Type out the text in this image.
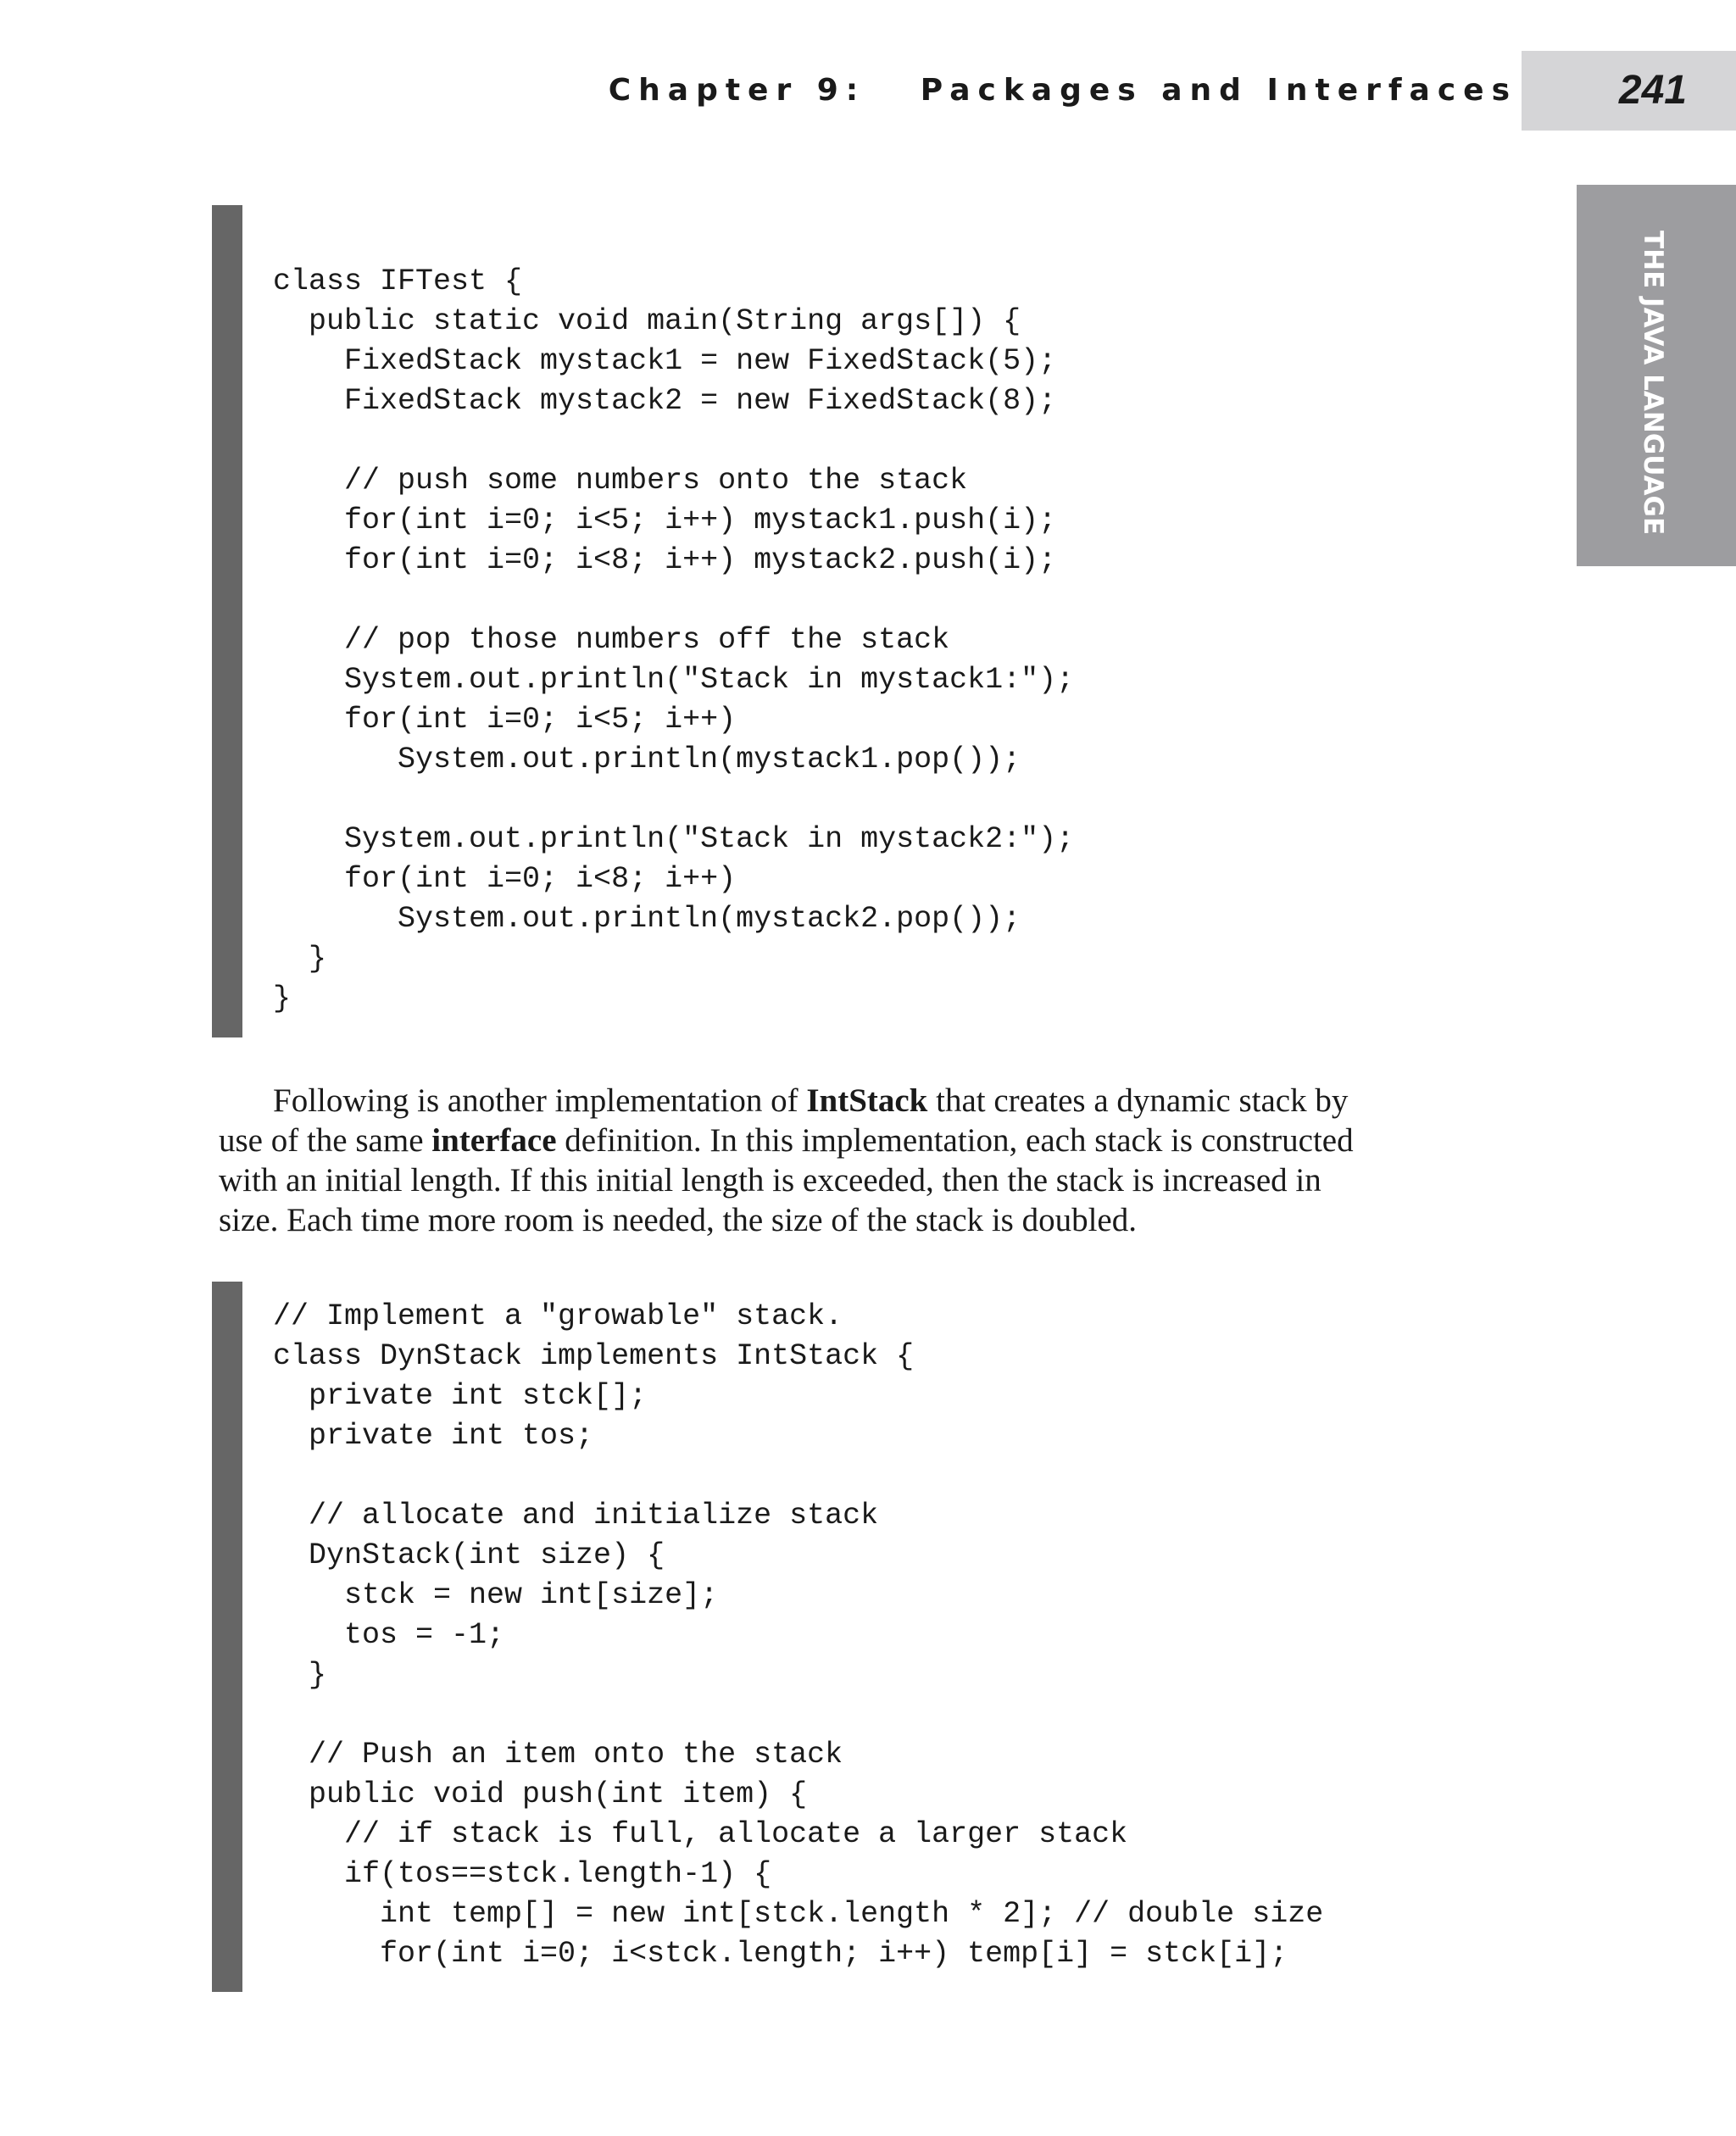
Chapter 9:   Packages and Interfaces	241
THE JAVA LANGUAGE
class IFTest {
public static void main(String args[]) {
FixedStack mystack1 = new FixedStack(5);
FixedStack mystack2 = new FixedStack(8);
// push some numbers onto the stack
for(int i=0; i<5; i++) mystack1.push(i);
for(int i=0; i<8; i++) mystack2.push(i);
// pop those numbers off the stack
System.out.println("Stack in mystack1:");
for(int i=0; i<5; i++)
System.out.println(mystack1.pop());
System.out.println("Stack in mystack2:");
for(int i=0; i<8; i++)
System.out.println(mystack2.pop());
}
}
Following is another implementation of IntStack that creates a dynamic stack by
use of the same interface definition. In this implementation, each stack is constructed
with an initial length. If this initial length is exceeded, then the stack is increased in
size. Each time more room is needed, the size of the stack is doubled.
// Implement a "growable" stack.
class DynStack implements IntStack {
private int stck[];
private int tos;
// allocate and initialize stack
DynStack(int size) {
stck = new int[size];
tos = -1;
}
// Push an item onto the stack
public void push(int item) {
// if stack is full, allocate a larger stack
if(tos==stck.length-1) {
int temp[] = new int[stck.length * 2]; // double size
for(int i=0; i<stck.length; i++) temp[i] = stck[i];
